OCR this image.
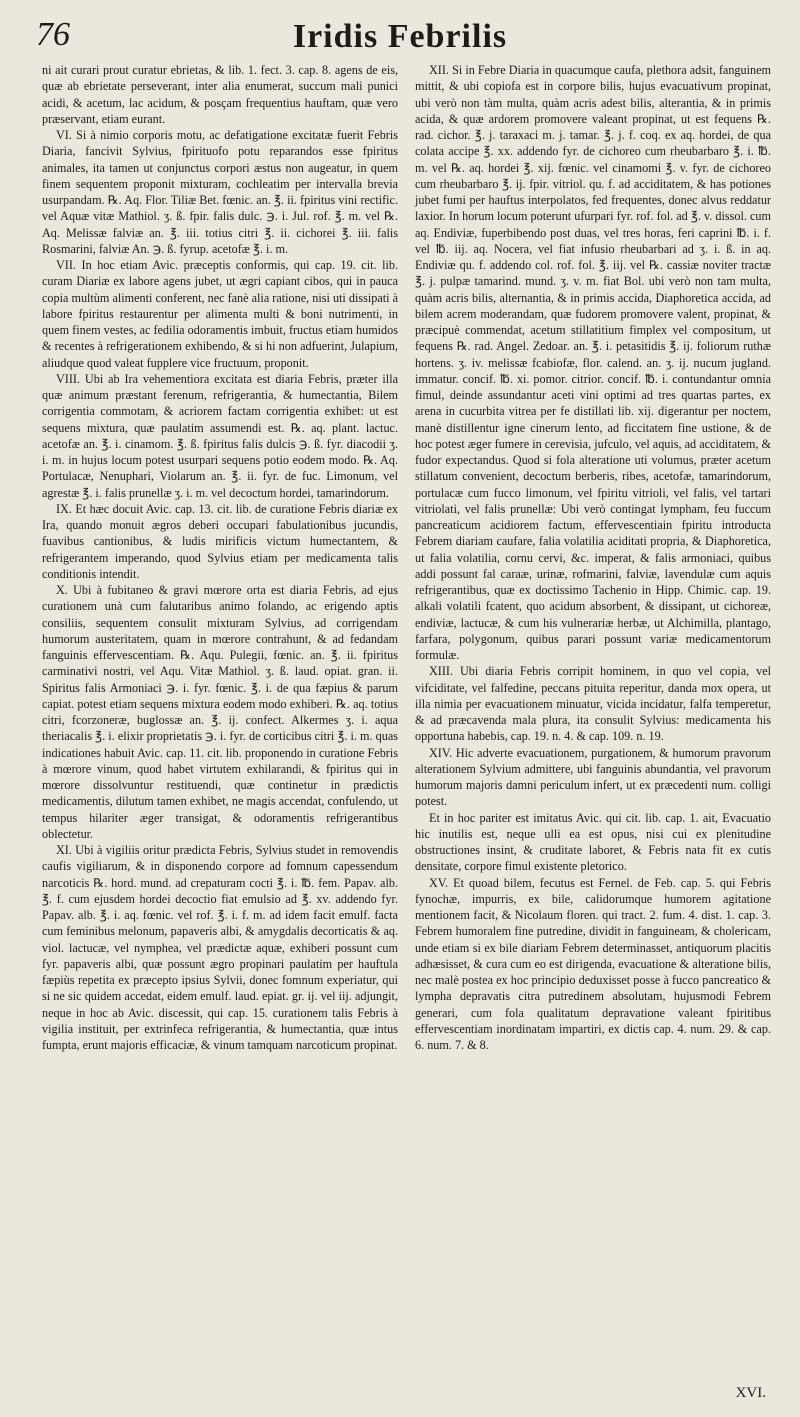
76	Iridis Febrilis

ni ait curari prout curatur ebrietas, & lib. 1. fect. 3. cap. 8. agens de eis, quæ ab ebrietate perseverant, inter alia enumerat, succum mali punici acidi, & acetum, lac acidum, & posçam frequentius hauftam, quæ vero præservant, etiam eurant.

VI. Si à nimio corporis motu, ac defatigatione excitatæ fuerit Febris Diaria, fancivit Sylvius, fpirituofo potu reparandos esse fpiritus animales, ita tamen ut conjunctus corpori æstus non augeatur, in quem finem sequentem proponit mixturam, cochleatim per intervalla brevia usurpandam. ℞. Aq. Flor. Tiliæ Bet. fœnic. an. ℥. ii. fpiritus vini rectific. vel Aquæ vitæ Mathiol. ʒ. ß. fpir. falis dulc. ℈. i. Jul. rof. ℥. m. vel ℞. Aq. Melissæ falviæ an. ℥. iii. totius citri ℥. ii. cichorei ℥. iii. falis Rosmarini, falviæ An. ℈. ß. fyrup. acetofæ ℥. i. m.

VII. In hoc etiam Avic. præceptis conformis, qui cap. 19. cit. lib. curam Diariæ ex labore agens jubet, ut ægri capiant cibos, qui in pauca copia multùm alimenti conferent, nec fanè alia ratione, nisi uti dissipati à labore fpiritus restaurentur per alimenta multi & boni nutrimenti, in quem finem vestes, ac fedilia odoramentis imbuit, fructus etiam humidos & recentes à refrigerationem exhibendo, & si hi non adfuerint, Julapium, aliudque quod valeat fupplere vice fructuum, proponit.

VIII. Ubi ab Ira vehementiora excitata est diaria Febris, præter illa quæ animum præstant ferenum, refrigerantia, & humectantia, Bilem corrigentia commotam, & acriorem factam corrigentia exhibet: ut est sequens mixtura, quæ paulatim assumendi est. ℞. aq. plant. lactuc. acetofæ an. ℥. i. cinamom. ℥. ß. fpiritus falis dulcis ℈. ß. fyr. diacodii ʒ. i. m. in hujus locum potest usurpari sequens potio eodem modo. ℞. Aq. Portulacæ, Nenuphari, Violarum an. ℥. ii. fyr. de fuc. Limonum, vel agrestæ ℥. i. falis prunellæ ʒ. i. m. vel decoctum hordei, tamarindorum.

IX. Et hæc docuit Avic. cap. 13. cit. lib. de curatione Febris diariæ ex Ira, quando monuit ægros deberi occupari fabulationibus jucundis, fuavibus cantionibus, & ludis mirificis victum humectantem, & refrigerantem imperando, quod Sylvius etiam per medicamenta talis conditionis intendit.

X. Ubi à fubitaneo & gravi mœrore orta est diaria Febris, ad ejus curationem unà cum falutaribus animo folando, ac erigendo aptis consiliis, sequentem consulit mixturam Sylvius, ad corrigendam humorum austeritatem, quam in mœrore contrahunt, & ad fedandam fanguinis effervescentiam. ℞. Aqu. Pulegii, fœnic. an. ℥. ii. fpiritus carminativi nostri, vel Aqu. Vitæ Mathiol. ʒ. ß. laud. opiat. gran. ii. Spiritus falis Armoniaci ℈. i. fyr. fœnic. ℥. i. de qua fæpius & parum capiat. potest etiam sequens mixtura eodem modo exhiberi. ℞. aq. totius citri, fcorzoneræ, buglossæ an. ℥. ij. confect. Alkermes ʒ. i. aqua theriacalis ℥. i. elixir proprietatis ℈. i. fyr. de corticibus citri ℥. i. m. quas indicationes habuit Avic. cap. 11. cit. lib. proponendo in curatione Febris à mœrore vinum, quod habet virtutem exhilarandi, & fpiritus qui in mœrore dissolvuntur restituendi, quæ continetur in prædictis medicamentis, dilutum tamen exhibet, ne magis accendat, confulendo, ut tempus hilariter æger transigat, & odoramentis refrigerantibus oblectetur.

XI. Ubi à vigiliis oritur prædicta Febris, Sylvius studet in removendis caufis vigiliarum, & in disponendo corpore ad fomnum capessendum narcoticis ℞. hord. mund. ad crepaturam cocti ℥. i. ℔. fem. Papav. alb. ℥. f. cum ejusdem hordei decoctio fiat emulsio ad ℥. xv. addendo fyr. Papav. alb. ℥. i. aq. fœnic. vel rof. ℥. i. f. m. ad idem facit emulf. facta cum feminibus melonum, papaveris albi, & amygdalis decorticatis & aq. viol. lactucæ, vel nymphea, vel prædictæ aquæ, exhiberi possunt cum fyr. papaveris albi, quæ possunt ægro propinari paulatim per hauftula fæpiùs repetita ex præcepto ipsius Sylvii, donec fomnum experiatur, qui si ne sic quidem accedat, eidem emulf. laud. epiat. gr. ij. vel iij. adjungit, neque in hoc ab Avic. discessit, qui cap. 15. curationem talis Febris à vigilia instituit, per extrinfeca refrigerantia, & humectantia, quæ intus fumpta, erunt majoris efficaciæ, & vinum tamquam narcoticum propinat.

XII. Si in Febre Diaria in quacumque caufa, plethora adsit, fanguinem mittit, & ubi copiofa est in corpore bilis, hujus evacuativum propinat, ubi verò non tàm multa, quàm acris adest bilis, alterantia, & in primis acida, & quæ ardorem promovere valeant propinat, ut est fequens ℞. rad. cichor. ℥. j. taraxaci m. j. tamar. ℥. j. f. coq. ex aq. hordei, de qua colata accipe ℥. xx. addendo fyr. de cichoreo cum rheubarbaro ℥. i. ℔. m. vel ℞. aq. hordei ℥. xij. fœnic. vel cinamomi ℥. v. fyr. de cichoreo cum rheubarbaro ℥. ij. fpir. vitriol. qu. f. ad acciditatem, & has potiones jubet fumi per hauftus interpolatos, fed frequentes, donec alvus reddatur laxior. In horum locum poterunt ufurpari fyr. rof. fol. ad ℥. v. dissol. cum aq. Endiviæ, fuperbibendo post duas, vel tres horas, feri caprini ℔. i. f. vel ℔. iij. aq. Nocera, vel fiat infusio rheubarbari ad ʒ. i. ß. in aq. Endiviæ qu. f. addendo col. rof. fol. ℥. iij. vel ℞. cassiæ noviter tractæ ℥. j. pulpæ tamarind. mund. ʒ. v. m. fiat Bol. ubi verò non tam multa, quàm acris bilis, alternantia, & in primis accida, Diaphoretica accida, ad bilem acrem moderandam, quæ fudorem promovere valent, propinat, & præcipuè commendat, acetum stillatitium fimplex vel compositum, ut fequens ℞. rad. Angel. Zedoar. an. ℥. i. petasitidis ℥. ij. foliorum ruthæ hortens. ʒ. iv. melissæ fcabiofæ, flor. calend. an. ʒ. ij. nucum jugland. immatur. concif. ℔. xi. pomor. citrior. concif. ℔. i. contundantur omnia fimul, deinde assundantur aceti vini optimi ad tres quartas partes, ex arena in cucurbita vitrea per fe distillati lib. xij. digerantur per noctem, manè distillentur igne cinerum lento, ad ficcitatem fine ustione, & de hoc potest æger fumere in cerevisia, jufculo, vel aquis, ad acciditatem, & fudor expectandus. Quod si fola alteratione uti volumus, præter acetum stillatum convenient, decoctum berberis, ribes, acetofæ, tamarindorum, portulacæ cum fucco limonum, vel fpiritu vitrioli, vel falis, vel tartari vitriolati, vel falis prunellæ: Ubi verò contingat lympham, feu fuccum pancreaticum acidiorem factum, effervescentiain fpiritu introducta Febrem diariam caufare, falia volatilia aciditati propria, & Diaphoretica, ut falia volatilia, cornu cervi, &c. imperat, & falis armoniaci, quibus addi possunt fal caraæ, urinæ, rofmarini, falviæ, lavendulæ cum aquis refrigerantibus, quæ ex doctissimo Tachenio in Hipp. Chimic. cap. 19. alkali volatili fcatent, quo acidum absorbent, & dissipant, ut cichoreæ, endiviæ, lactucæ, & cum his vulnerariæ herbæ, ut Alchimilla, plantago, farfara, polygonum, quibus parari possunt variæ medicamentorum formulæ.

XIII. Ubi diaria Febris corripit hominem, in quo vel copia, vel vifciditate, vel falfedine, peccans pituita reperitur, danda mox opera, ut illa nimia per evacuationem minuatur, vicida incidatur, falfa temperetur, & ad præcavenda mala plura, ita consulit Sylvius: medicamenta his opportuna habebis, cap. 19. n. 4. & cap. 109. n. 19.

XIV. Hic adverte evacuationem, purgationem, & humorum pravorum alterationem Sylvium admittere, ubi fanguinis abundantia, vel pravorum humorum majoris damni periculum infert, ut ex præcedenti num. colligi potest.

Et in hoc pariter est imitatus Avic. qui cit. lib. cap. 1. ait, Evacuatio hic inutilis est, neque ulli ea est opus, nisi cui ex plenitudine obstructiones insint, & cruditate laboret, & Febris nata fit ex cutis densitate, corpore fimul existente pletorico.

XV. Et quoad bilem, fecutus est Fernel. de Feb. cap. 5. qui Febris fynochæ, impurris, ex bile, calidorumque humorem agitatione mentionem facit, & Nicolaum floren. qui tract. 2. fum. 4. dist. 1. cap. 3. Febrem humoralem fine putredine, dividit in fanguineam, & cholericam, unde etiam si ex bile diariam Febrem determinasset, antiquorum placitis adhæsisset, & cura cum eo est dirigenda, evacuatione & alteratione bilis, nec malè postea ex hoc principio deduxisset posse à fucco pancreatico & lympha depravatis citra putredinem absolutam, hujusmodi Febrem generari, cum fola qualitatum depravatione valeant fpiritibus effervescentiam inordinatam impartiri, ex dictis cap. 4. num. 29. & cap. 6. num. 7. & 8.

XVI.
